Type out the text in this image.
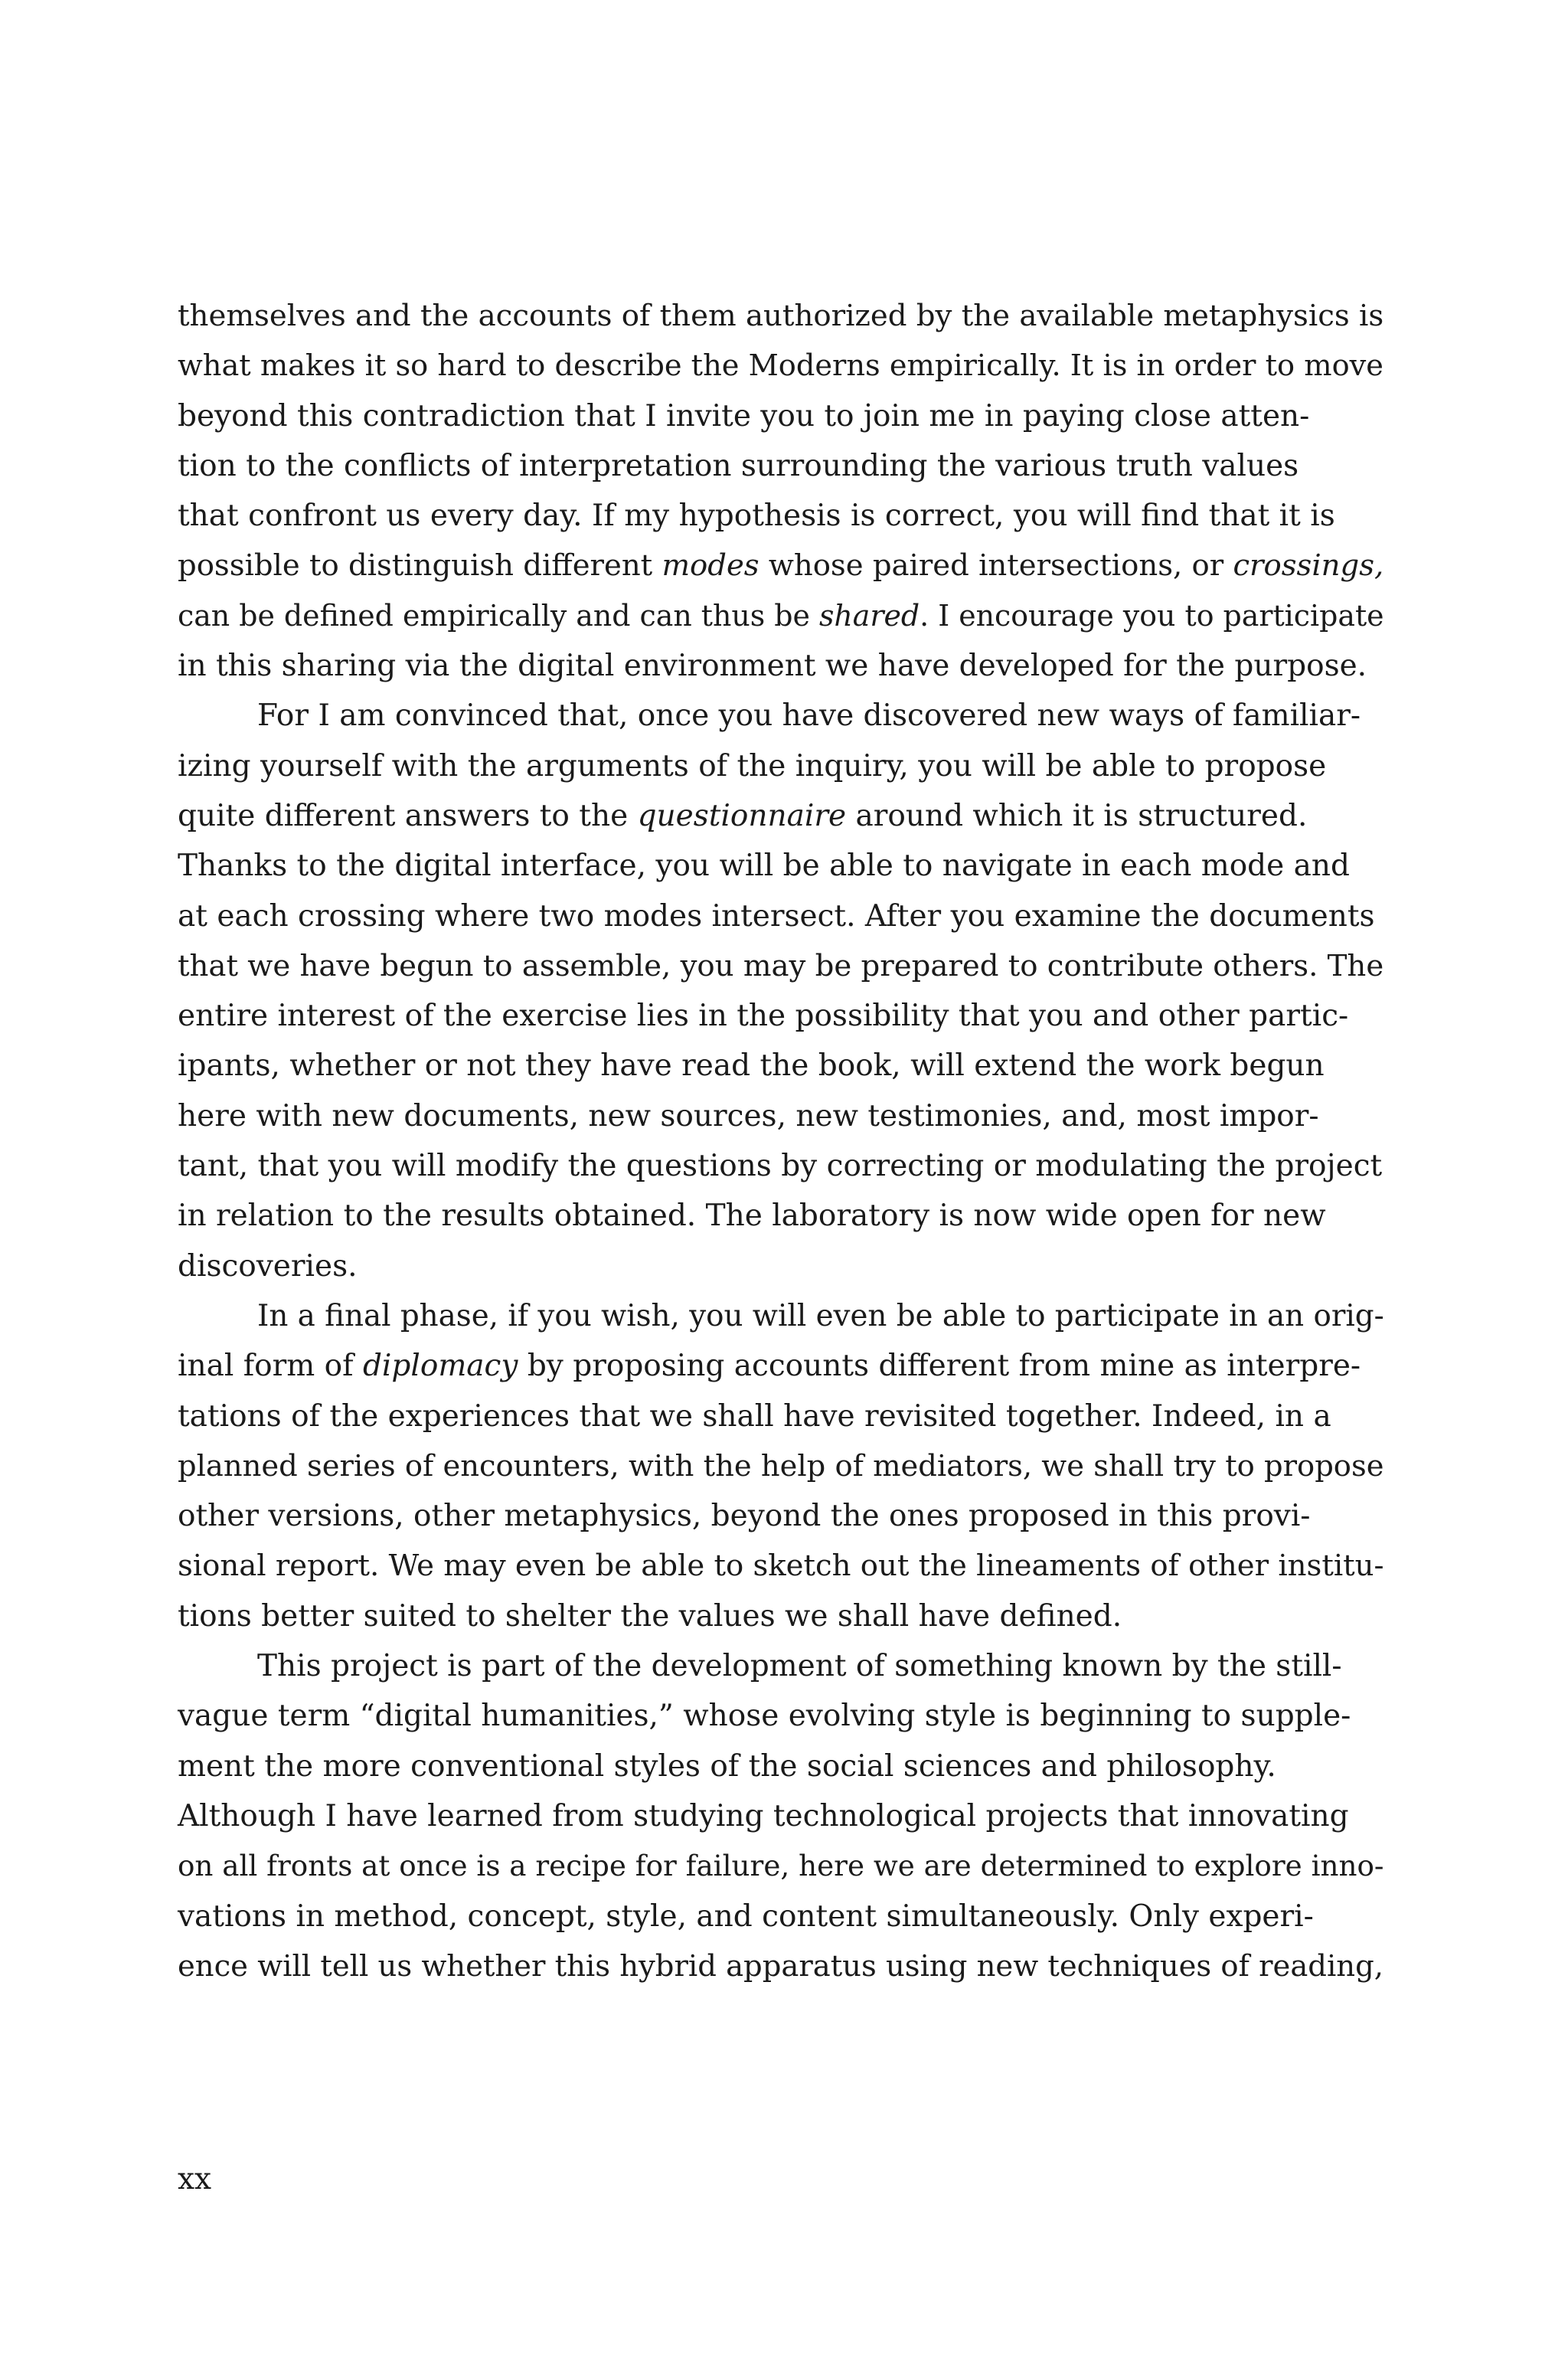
themselves and the accounts of them authorized by the available metaphysics is
what makes it so hard to describe the Moderns empirically. It is in order to move
beyond this contradiction that I invite you to join me in paying close atten-
tion to the conflicts of interpretation surrounding the various truth values
that confront us every day. If my hypothesis is correct, you will find that it is
possible to distinguish different modes whose paired intersections, or crossings,
can be defined empirically and can thus be shared. I encourage you to participate
in this sharing via the digital environment we have developed for the purpose.
For I am convinced that, once you have discovered new ways of familiar-
izing yourself with the arguments of the inquiry, you will be able to propose
quite different answers to the questionnaire around which it is structured.
Thanks to the digital interface, you will be able to navigate in each mode and
at each crossing where two modes intersect. After you examine the documents
that we have begun to assemble, you may be prepared to contribute others. The
entire interest of the exercise lies in the possibility that you and other partic-
ipants, whether or not they have read the book, will extend the work begun
here with new documents, new sources, new testimonies, and, most impor-
tant, that you will modify the questions by correcting or modulating the project
in relation to the results obtained. The laboratory is now wide open for new
discoveries.
In a final phase, if you wish, you will even be able to participate in an orig-
inal form of diplomacy by proposing accounts different from mine as interpre-
tations of the experiences that we shall have revisited together. Indeed, in a
planned series of encounters, with the help of mediators, we shall try to propose
other versions, other metaphysics, beyond the ones proposed in this provi-
sional report. We may even be able to sketch out the lineaments of other institu-
tions better suited to shelter the values we shall have defined.
This project is part of the development of something known by the still-
vague term “digital humanities,” whose evolving style is beginning to supple-
ment the more conventional styles of the social sciences and philosophy.
Although I have learned from studying technological projects that innovating
on all fronts at once is a recipe for failure, here we are determined to explore inno-
vations in method, concept, style, and content simultaneously. Only experi-
ence will tell us whether this hybrid apparatus using new techniques of reading,
xx
